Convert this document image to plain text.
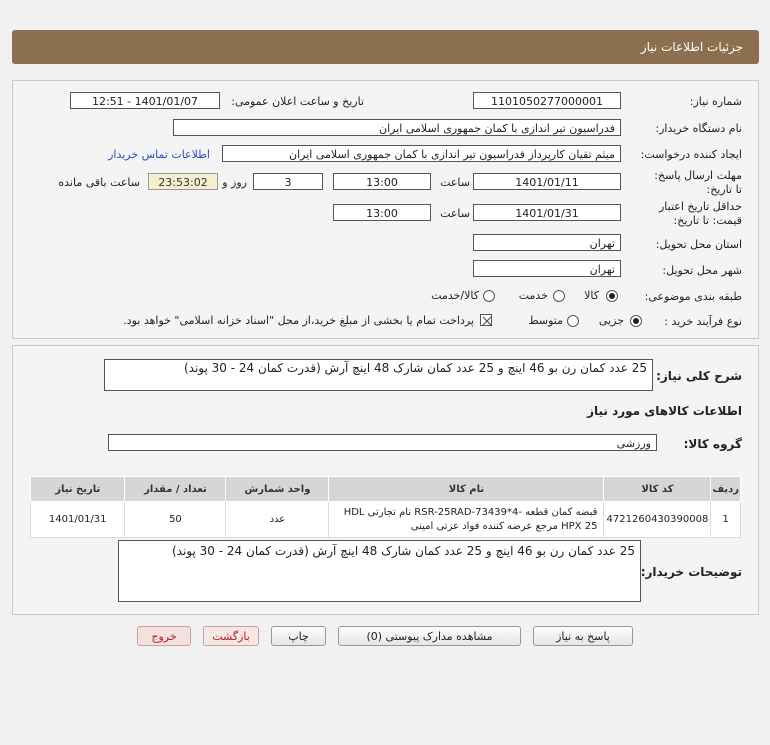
جزئیات اطلاعات نیاز
شماره نیاز:
1101050277000001
تاریخ و ساعت اعلان عمومی:
1401/01/07 - 12:51
نام دستگاه خریدار:
فدراسیون تیر اندازی با کمان جمهوری اسلامی ایران
ایجاد کننده درخواست:
میثم تقیان کارپرداز فدراسیون تیر اندازی با کمان جمهوری اسلامی ایران
اطلاعات تماس خریدار
مهلت ارسال پاسخ: تا تاریخ:
1401/01/11
ساعت
13:00
3
روز و
23:53:02
ساعت باقی مانده
حداقل تاریخ اعتبار قیمت: تا تاریخ:
1401/01/31
ساعت
13:00
استان محل تحویل:
تهران
شهر محل تحویل:
تهران
طبقه بندی موضوعی:
کالا
خدمت
کالا/خدمت
نوع فرآیند خرید :
جزیی
متوسط
پرداخت تمام یا بخشی از مبلغ خرید،از محل "اسناد خزانه اسلامی" خواهد بود.
شرح کلی نیاز:
25 عدد کمان رن بو 46 اینچ و 25 عدد کمان شارک 48 اینچ آرش (قدرت کمان 24 - 30 پوند)
اطلاعات کالاهای مورد نیاز
گروه کالا:
ورزشی
ردیف	کد کالا	نام کالا	واحد شمارش	تعداد / مقدار	تاریخ نیاز
1	4721260430390008	قبضه کمان قطعه -4*RSR-25RAD-73439 نام تجارتی HDL
HPX 25 مرجع عرضه کننده فواد عزتی امینی	عدد	50	1401/01/31
توضیحات خریدار:
25 عدد کمان رن بو 46 اینچ و 25 عدد کمان شارک 48 اینچ آرش (قدرت کمان 24 - 30 پوند)
پاسخ به نیاز
مشاهده مدارک پیوستی (0)
چاپ
بازگشت
خروج
